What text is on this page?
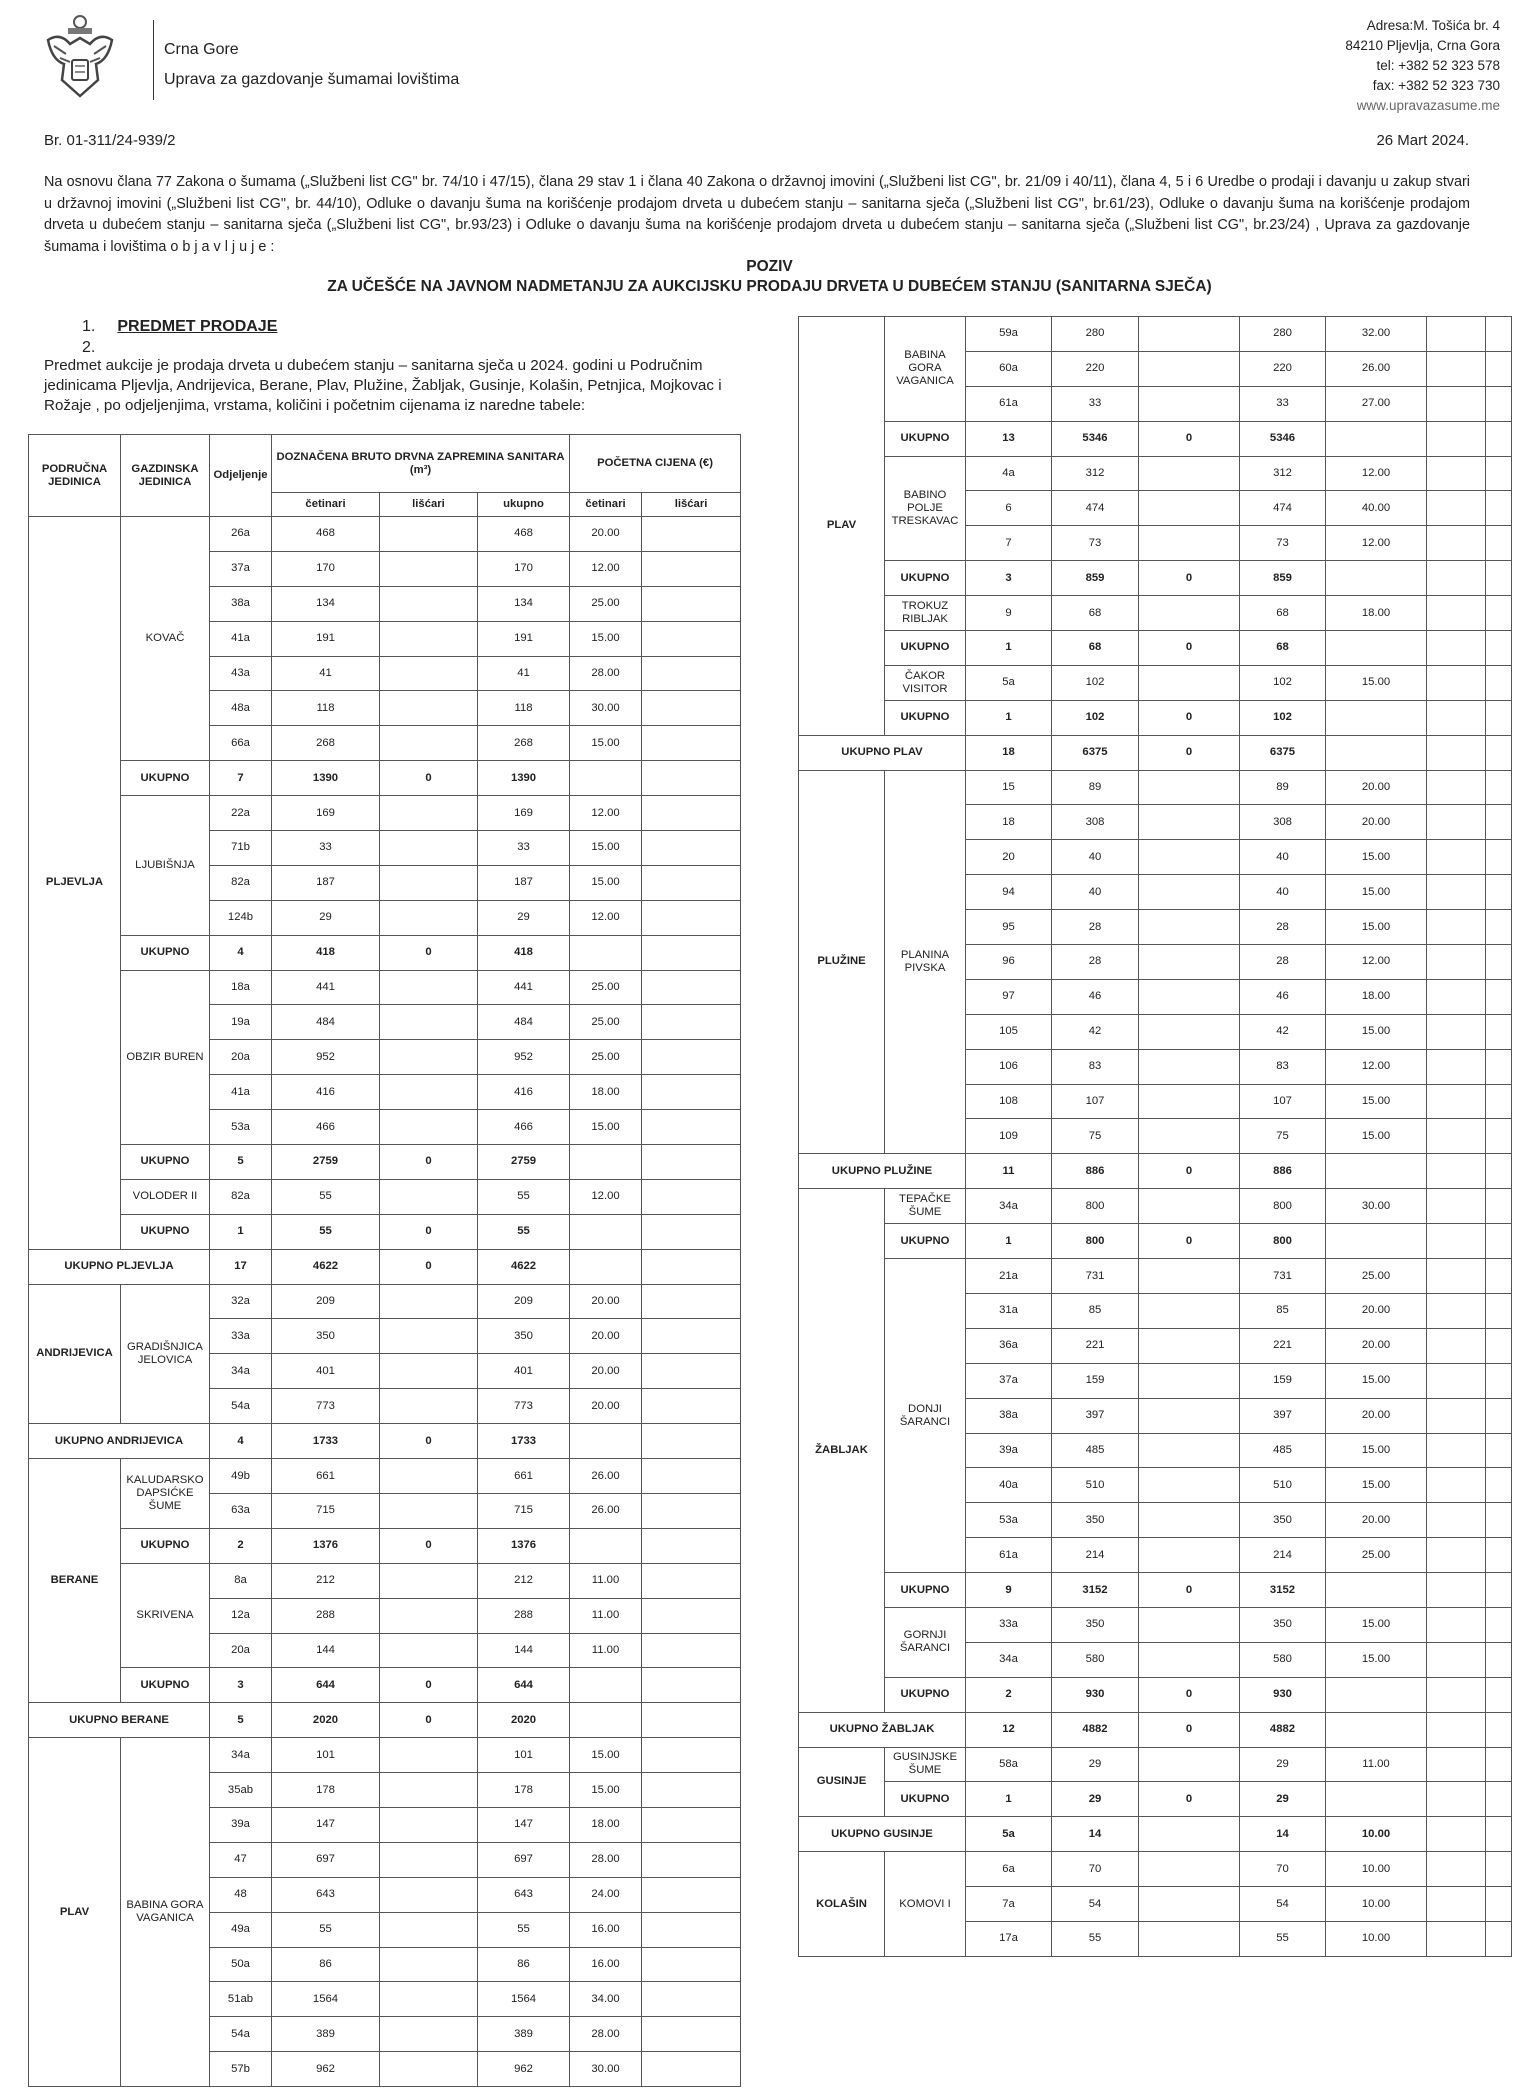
Crna Gore
Uprava za gazdovanje šumamai lovištima
Adresa:M. Tošića br. 4
84210 Pljevlja, Crna Gora
tel: +382 52 323 578
fax: +382 52 323 730
www.upravazasume.me
Br. 01-311/24-939/2	26 Mart 2024.
Na osnovu člana 77 Zakona o šumama („Službeni list CG" br. 74/10 i 47/15), člana 29 stav 1 i člana 40 Zakona o državnoj imovini („Službeni list CG", br. 21/09 i 40/11), člana 4, 5 i 6 Uredbe o prodaji i davanju u zakup stvari u državnoj imovini („Službeni list CG", br. 44/10), Odluke o davanju šuma na korišćenje prodajom drveta u dubećem stanju – sanitarna sječa („Službeni list CG", br.61/23), Odluke o davanju šuma na korišćenje prodajom drveta u dubećem stanju – sanitarna sječa („Službeni list CG", br.93/23) i Odluke o davanju šuma na korišćenje prodajom drveta u dubećem stanju – sanitarna sječa („Službeni list CG", br.23/24) , Uprava za gazdovanje šumama i lovištima o b j a v l j u j e :
POZIV
ZA UČEŠĆE NA JAVNOM NADMETANJU ZA AUKCIJSKU PRODAJU DRVETA U DUBEĆEM STANJU (SANITARNA SJEČA)
1. PREDMET PRODAJE
2.
Predmet aukcije je prodaja drveta u dubećem stanju – sanitarna sječa u 2024. godini u Područnim jedinicama Pljevlja, Andrijevica, Berane, Plav, Plužine, Žabljak, Gusinje, Kolašin, Petnjica, Mojkovac i Rožaje , po odjeljenjima, vrstama, količini i početnim cijenama iz naredne tabele:
PODRUČNA JEDINICA	GAZDINSKA JEDINICA	Odjeljenje	DOZNAČENA BRUTO DRVNA ZAPREMINA SANITARA (m³)			POČETNA CIJENA (€)	
			četinari	lišćari	ukupno	četinari	lišćari
PLJEVLJA	KOVAČ	26a	468		468	20.00	
		37a	170		170	12.00	
		38a	134		134	25.00	
		41a	191		191	15.00	
		43a	41		41	28.00	
		48a	118		118	30.00	
		66a	268		268	15.00	
	UKUPNO	7	1390	0	1390		
	LJUBIŠNJA	22a	169		169	12.00	
		71b	33		33	15.00	
		82a	187		187	15.00	
		124b	29		29	12.00	
	UKUPNO	4	418	0	418		
	OBZIR BUREN	18a	441		441	25.00	
		19a	484		484	25.00	
		20a	952		952	25.00	
		41a	416		416	18.00	
		53a	466		466	15.00	
	UKUPNO	5	2759	0	2759		
	VOLODER II	82a	55		55	12.00	
	UKUPNO	1	55	0	55		
UKUPNO PLJEVLJA		17	4622	0	4622		
ANDRIJEVICA	GRADIŠNJICA JELOVICA	32a	209		209	20.00	
		33a	350		350	20.00	
		34a	401		401	20.00	
		54a	773		773	20.00	
UKUPNO ANDRIJEVICA		4	1733	0	1733		
BERANE	KALUDARSKO DAPSIĆKE ŠUME	49b	661		661	26.00	
		63a	715		715	26.00	
	UKUPNO	2	1376	0	1376		
	SKRIVENA	8a	212		212	11.00	
		12a	288		288	11.00	
		20a	144		144	11.00	
	UKUPNO	3	644	0	644		
UKUPNO BERANE		5	2020	0	2020		
PLAV	BABINA GORA VAGANICA	34a	101		101	15.00	
		35ab	178		178	15.00	
		39a	147		147	18.00	
		47	697		697	28.00	
		48	643		643	24.00	
		49a	55		55	16.00	
		50a	86		86	16.00	
		51ab	1564		1564	34.00	
		54a	389		389	28.00	
		57b	962		962	30.00	
PLAV	BABINA GORA VAGANICA	59a	280		280	32.00		
		60a	220		220	26.00		
		61a	33		33	27.00		
	UKUPNO	13	5346	0	5346			
	BABINO POLJE TRESKAVAC	4a	312		312	12.00		
		6	474		474	40.00		
		7	73		73	12.00		
	UKUPNO	3	859	0	859			
	TROKUZ RIBLJAK	9	68		68	18.00		
	UKUPNO	1	68	0	68			
	ČAKOR VISITOR	5a	102		102	15.00		
	UKUPNO	1	102	0	102			
UKUPNO PLAV		18	6375	0	6375			
PLUŽINE	PLANINA PIVSKA	15	89		89	20.00		
		18	308		308	20.00		
		20	40		40	15.00		
		94	40		40	15.00		
		95	28		28	15.00		
		96	28		28	12.00		
		97	46		46	18.00		
		105	42		42	15.00		
		106	83		83	12.00		
		108	107		107	15.00		
		109	75		75	15.00		
UKUPNO PLUŽINE		11	886	0	886			
ŽABLJAK	TEPAČKE ŠUME	34a	800		800	30.00		
	UKUPNO	1	800	0	800			
	DONJI ŠARANCI	21a	731		731	25.00		
		31a	85		85	20.00		
		36a	221		221	20.00		
		37a	159		159	15.00		
		38a	397		397	20.00		
		39a	485		485	15.00		
		40a	510		510	15.00		
		53a	350		350	20.00		
		61a	214		214	25.00		
	UKUPNO	9	3152	0	3152			
	GORNJI ŠARANCI	33a	350		350	15.00		
		34a	580		580	15.00		
	UKUPNO	2	930	0	930			
UKUPNO ŽABLJAK		12	4882	0	4882			
GUSINJE	GUSINJSKE ŠUME	58a	29		29	11.00		
	UKUPNO	1	29	0	29			
UKUPNO GUSINJE		5a	14		14	10.00		
KOLAŠIN	KOMOVI I	6a	70		70	10.00		
		7a	54		54	10.00		
		17a	55		55	10.00		
